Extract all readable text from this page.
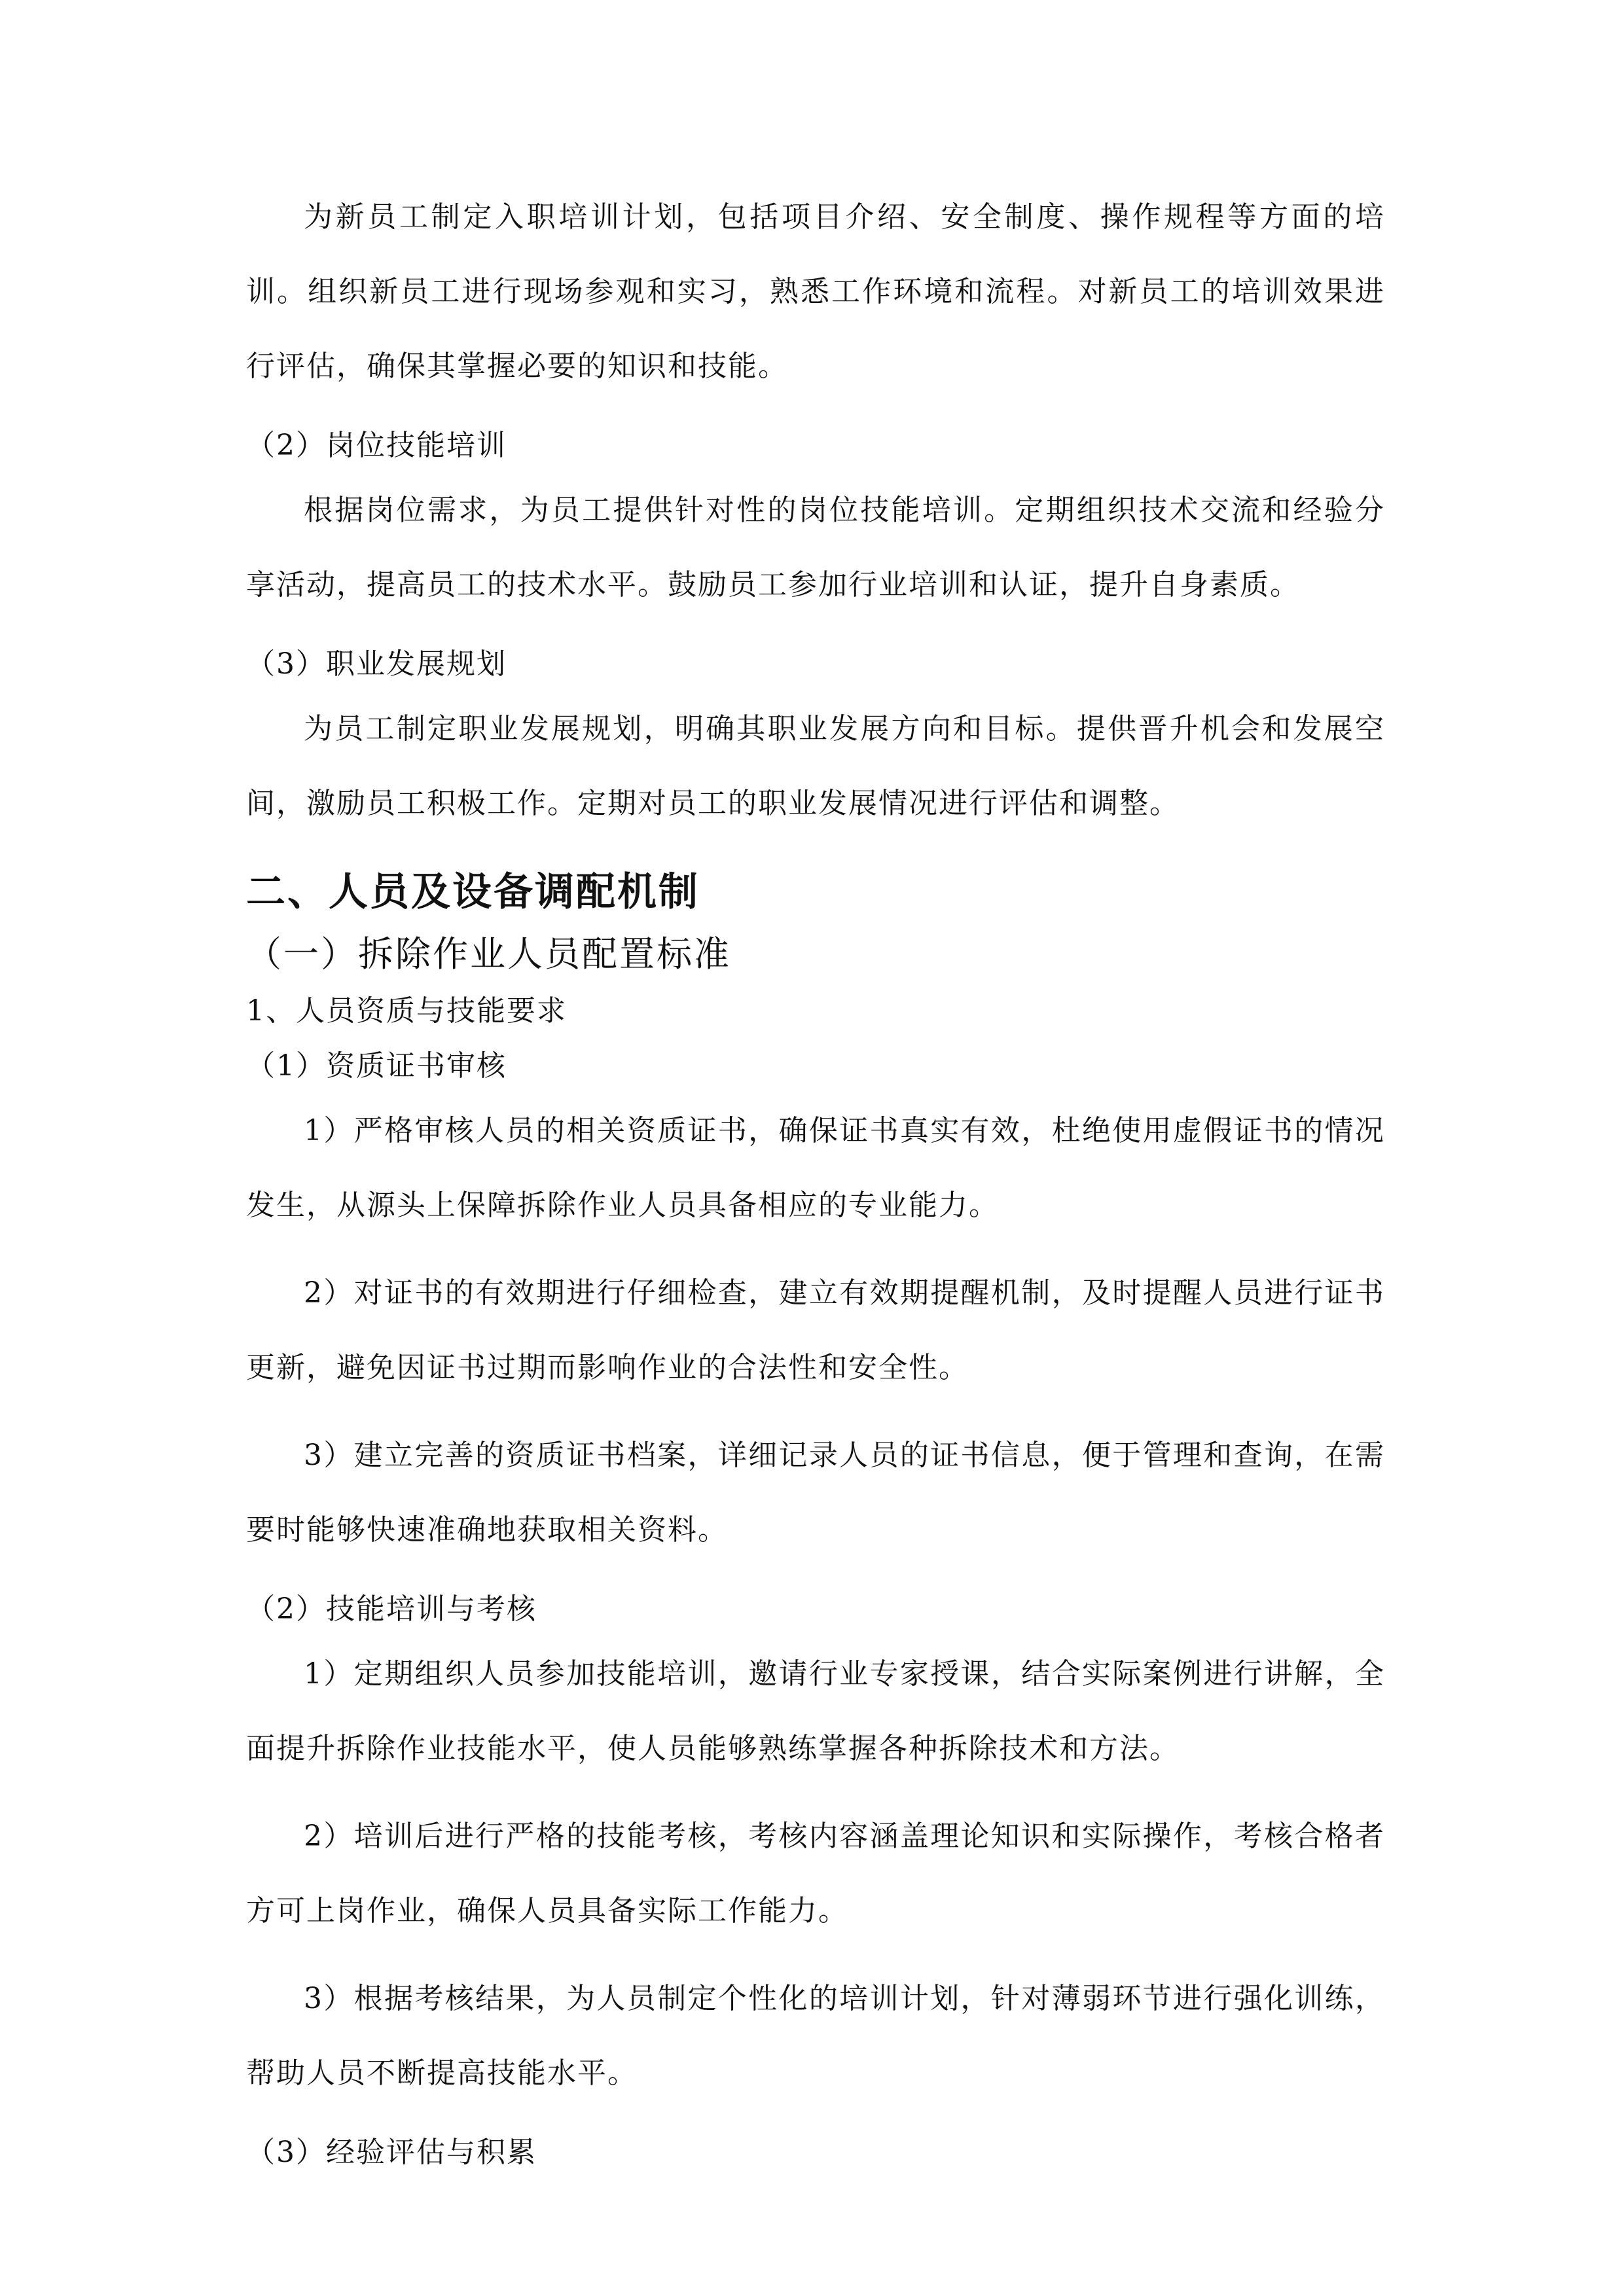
为新员工制定入职培训计划，包括项目介绍、安全制度、操作规程等方面的培训。组织新员工进行现场参观和实习，熟悉工作环境和流程。对新员工的培训效果进行评估，确保其掌握必要的知识和技能。

（2）岗位技能培训

根据岗位需求，为员工提供针对性的岗位技能培训。定期组织技术交流和经验分享活动，提高员工的技术水平。鼓励员工参加行业培训和认证，提升自身素质。

（3）职业发展规划

为员工制定职业发展规划，明确其职业发展方向和目标。提供晋升机会和发展空间，激励员工积极工作。定期对员工的职业发展情况进行评估和调整。

二、人员及设备调配机制
（一）拆除作业人员配置标准
1、人员资质与技能要求
（1）资质证书审核

1）严格审核人员的相关资质证书，确保证书真实有效，杜绝使用虚假证书的情况发生，从源头上保障拆除作业人员具备相应的专业能力。

2）对证书的有效期进行仔细检查，建立有效期提醒机制，及时提醒人员进行证书更新，避免因证书过期而影响作业的合法性和安全性。

3）建立完善的资质证书档案，详细记录人员的证书信息，便于管理和查询，在需要时能够快速准确地获取相关资料。

（2）技能培训与考核

1）定期组织人员参加技能培训，邀请行业专家授课，结合实际案例进行讲解，全面提升拆除作业技能水平，使人员能够熟练掌握各种拆除技术和方法。

2）培训后进行严格的技能考核，考核内容涵盖理论知识和实际操作，考核合格者方可上岗作业，确保人员具备实际工作能力。

3）根据考核结果，为人员制定个性化的培训计划，针对薄弱环节进行强化训练，帮助人员不断提高技能水平。

（3）经验评估与积累
